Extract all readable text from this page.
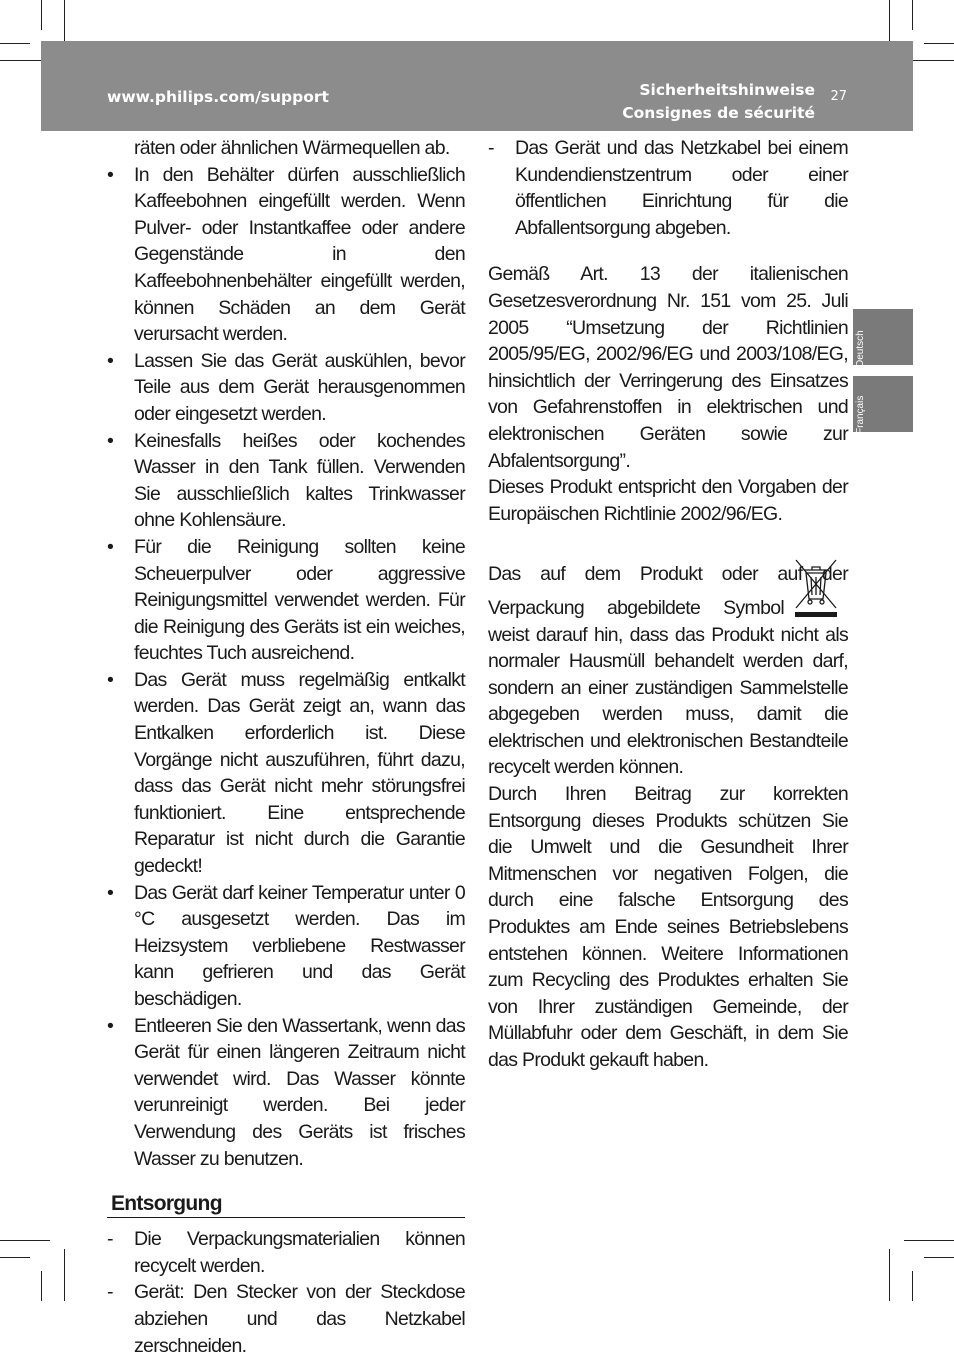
www.philips.com/support	Sicherheitshinweise
Consignes de sécurité
27
Deutsch
Français
räten oder ähnlichen Wärmequellen ab.
• In den Behälter dürfen ausschließlich Kaffeebohnen eingefüllt werden. Wenn Pulver- oder Instantkaffee oder andere Gegenstände in den Kaffeebohnenbehälter eingefüllt werden, können Schäden an dem Gerät verursacht werden.
• Lassen Sie das Gerät auskühlen, bevor Teile aus dem Gerät herausgenommen oder eingesetzt werden.
• Keinesfalls heißes oder kochendes Wasser in den Tank füllen. Verwenden Sie ausschließlich kaltes Trinkwasser ohne Kohlensäure.
• Für die Reinigung sollten keine Scheuerpulver oder aggressive Reinigungsmittel verwendet werden. Für die Reinigung des Geräts ist ein weiches, feuchtes Tuch ausreichend.
• Das Gerät muss regelmäßig entkalkt werden. Das Gerät zeigt an, wann das Entkalken erforderlich ist. Diese Vorgänge nicht auszuführen, führt dazu, dass das Gerät nicht mehr störungsfrei funktioniert. Eine entsprechende Reparatur ist nicht durch die Garantie gedeckt!
• Das Gerät darf keiner Temperatur unter 0 °C ausgesetzt werden. Das im Heizsystem verbliebene Restwasser kann gefrieren und das Gerät beschädigen.
• Entleeren Sie den Wassertank, wenn das Gerät für einen längeren Zeitraum nicht verwendet wird. Das Wasser könnte verunreinigt werden. Bei jeder Verwendung des Geräts ist frisches Wasser zu benutzen.
Entsorgung
- Die Verpackungsmaterialien können recycelt werden.
- Gerät: Den Stecker von der Steckdose abziehen und das Netzkabel zerschneiden.
- Das Gerät und das Netzkabel bei einem Kundendienstzentrum oder einer öffentlichen Einrichtung für die Abfallentsorgung abgeben.

Gemäß Art. 13 der italienischen Gesetzesverordnung Nr. 151 vom 25. Juli 2005 “Umsetzung der Richtlinien 2005/95/EG, 2002/96/EG und 2003/108/EG, hinsichtlich der Verringerung des Einsatzes von Gefahrenstoffen in elektrischen und elektronischen Geräten sowie zur Abfalentsorgung”.

Dieses Produkt entspricht den Vorgaben der Europäischen Richtlinie 2002/96/EG.

Das auf dem Produkt oder auf der Verpackung abgebildete Symbol
weist darauf hin, dass das Produkt nicht als normaler Hausmüll behandelt werden darf, sondern an einer zuständigen Sammelstelle abgegeben werden muss, damit die elektrischen und elektronischen Bestandteile recycelt werden können.

Durch Ihren Beitrag zur korrekten Entsorgung dieses Produkts schützen Sie die Umwelt und die Gesundheit Ihrer Mitmenschen vor negativen Folgen, die durch eine falsche Entsorgung des Produktes am Ende seines Betriebslebens entstehen können. Weitere Informationen zum Recycling des Produktes erhalten Sie von Ihrer zuständigen Gemeinde, der Müllabfuhr oder dem Geschäft, in dem Sie das Produkt gekauft haben.
